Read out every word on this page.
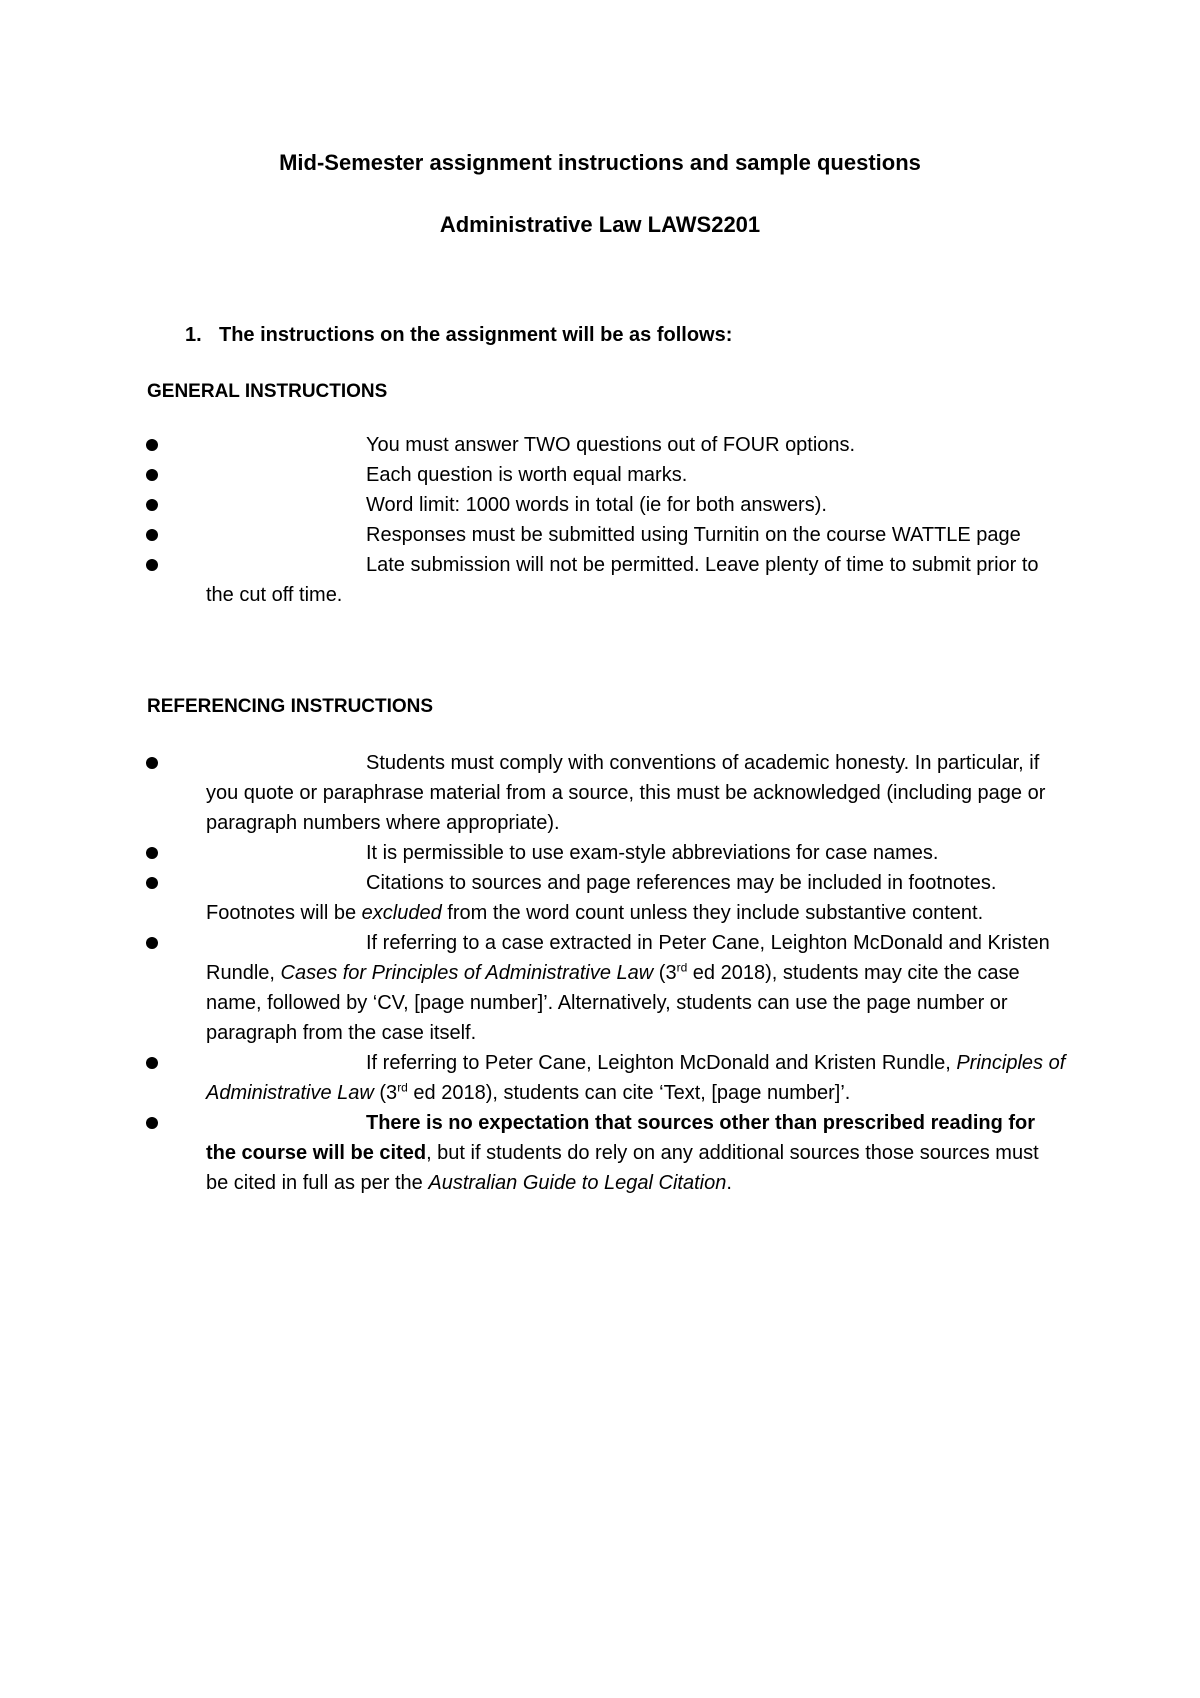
Mid-Semester assignment instructions and sample questions
Administrative Law LAWS2201

1. The instructions on the assignment will be as follows:

GENERAL INSTRUCTIONS
You must answer TWO questions out of FOUR options.
Each question is worth equal marks.
Word limit: 1000 words in total (ie for both answers).
Responses must be submitted using Turnitin on the course WATTLE page
Late submission will not be permitted. Leave plenty of time to submit prior to the cut off time.
REFERENCING INSTRUCTIONS
Students must comply with conventions of academic honesty. In particular, if you quote or paraphrase material from a source, this must be acknowledged (including page or paragraph numbers where appropriate).
It is permissible to use exam-style abbreviations for case names.
Citations to sources and page references may be included in footnotes. Footnotes will be excluded from the word count unless they include substantive content.
If referring to a case extracted in Peter Cane, Leighton McDonald and Kristen Rundle, Cases for Principles of Administrative Law (3rd ed 2018), students may cite the case name, followed by ‘CV, [page number]’. Alternatively, students can use the page number or paragraph from the case itself.
If referring to Peter Cane, Leighton McDonald and Kristen Rundle, Principles of Administrative Law (3rd ed 2018), students can cite ‘Text, [page number]’.
There is no expectation that sources other than prescribed reading for the course will be cited, but if students do rely on any additional sources those sources must be cited in full as per the Australian Guide to Legal Citation.
